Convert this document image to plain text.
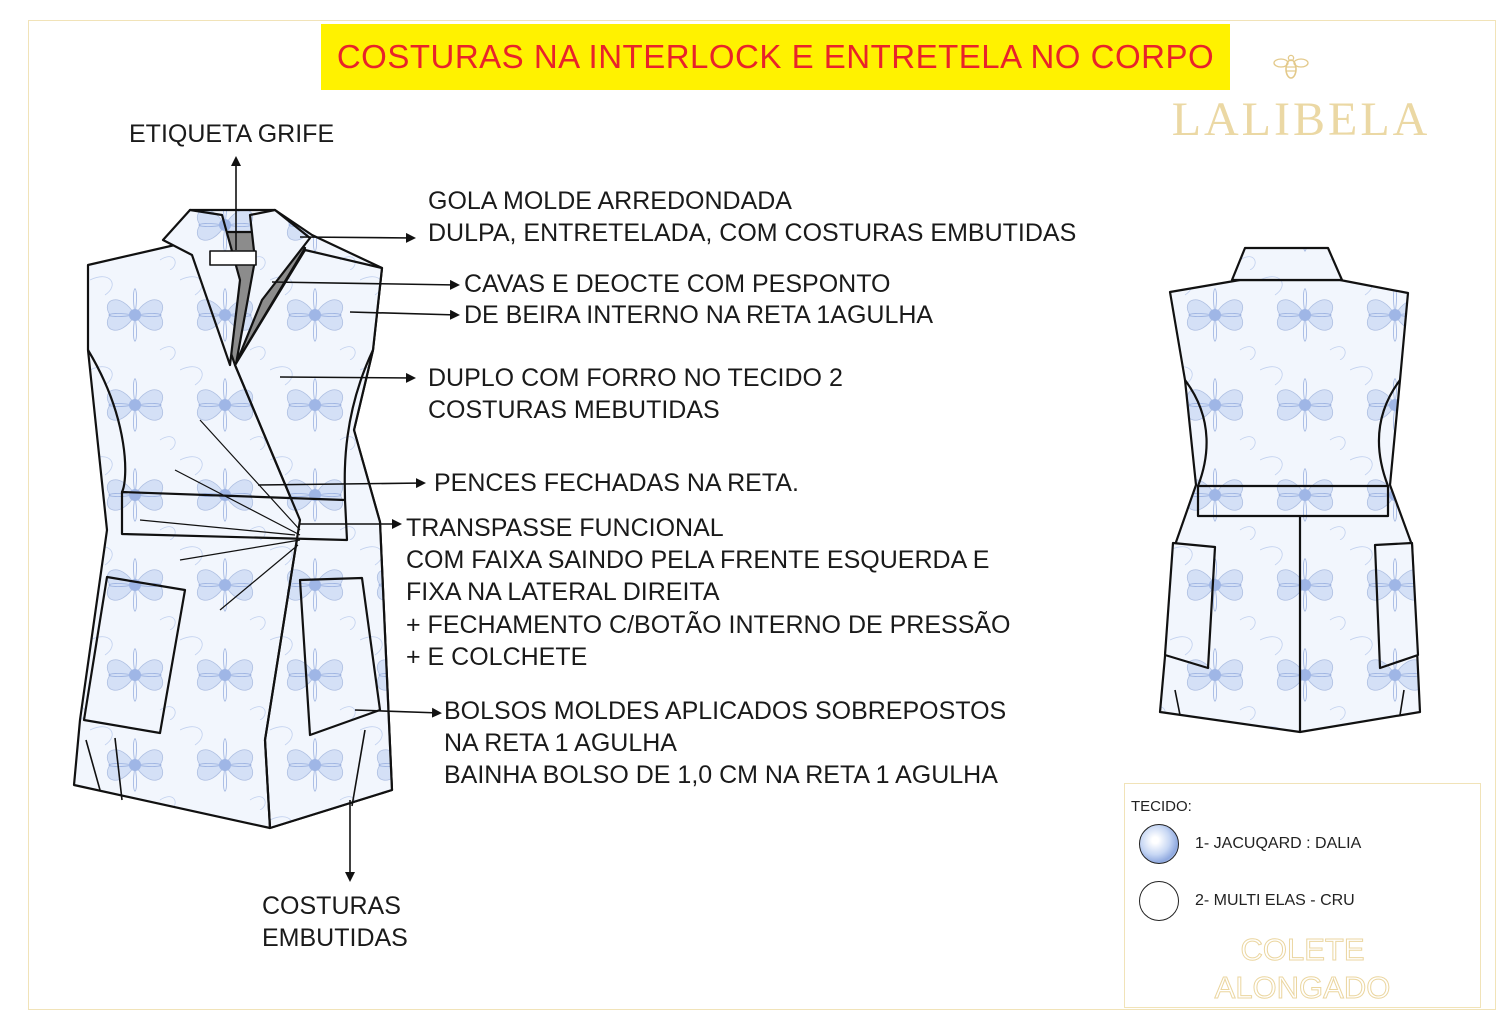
COSTURAS NA INTERLOCK E ENTRETELA NO CORPO
LALIBELA
ETIQUETA GRIFE
GOLA MOLDE ARREDONDADA
DULPA, ENTRETELADA, COM COSTURAS EMBUTIDAS
CAVAS E DEOCTE COM PESPONTO
DE BEIRA INTERNO NA RETA 1AGULHA
DUPLO COM FORRO NO TECIDO 2
COSTURAS MEBUTIDAS
PENCES FECHADAS NA RETA.
TRANSPASSE FUNCIONAL
COM FAIXA SAINDO PELA FRENTE ESQUERDA E
FIXA NA LATERAL DIREITA
+ FECHAMENTO C/BOTÃO INTERNO DE PRESSÃO
+ E COLCHETE
BOLSOS MOLDES APLICADOS SOBREPOSTOS
NA RETA 1 AGULHA
BAINHA BOLSO DE 1,0 CM NA RETA 1 AGULHA
COSTURAS
EMBUTIDAS
TECIDO:
1- JACUQARD : DALIA
2- MULTI ELAS - CRU
COLETE
ALONGADO
